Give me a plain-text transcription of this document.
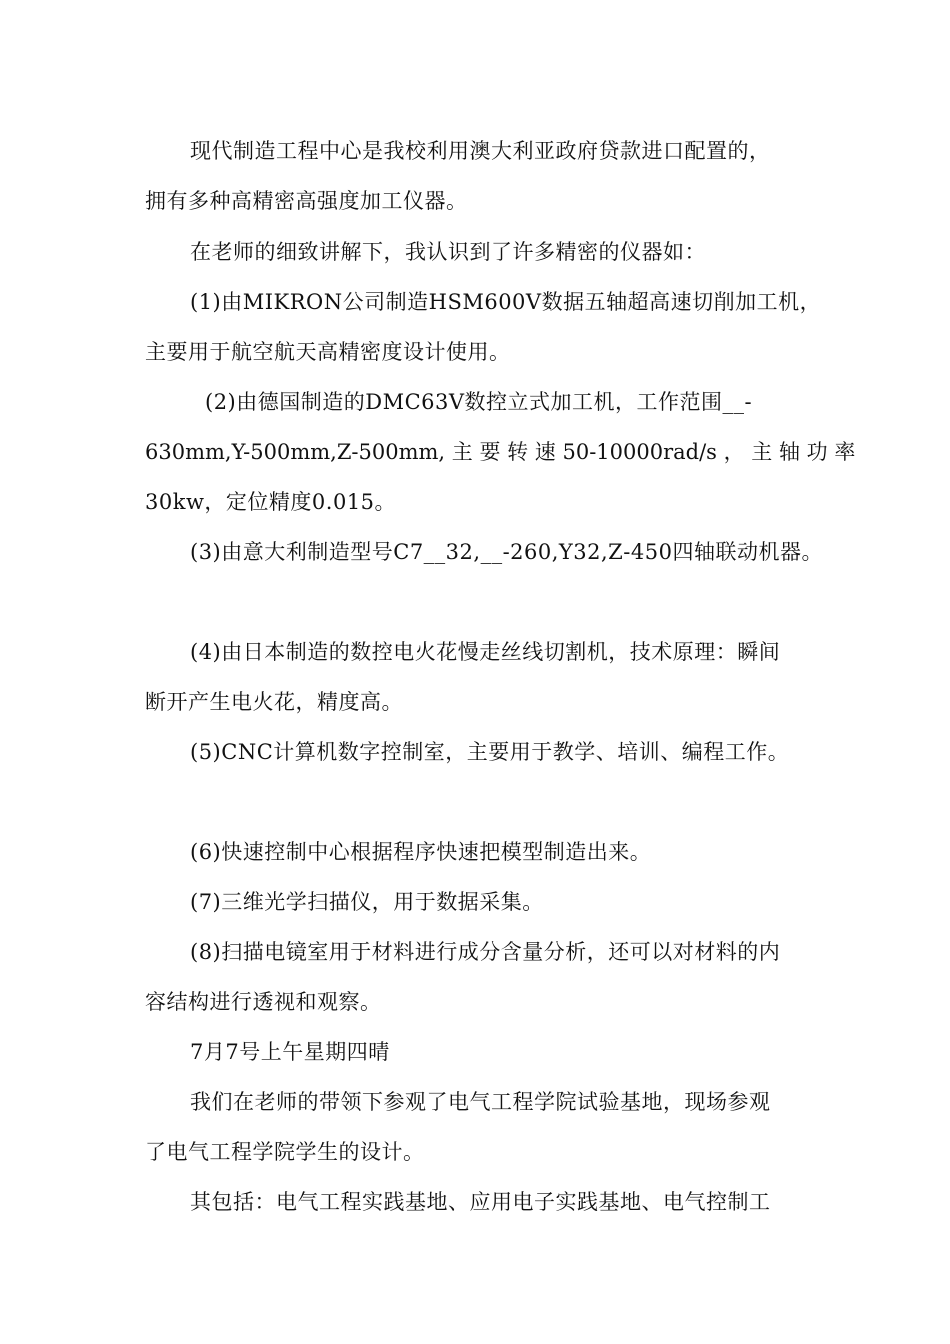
现代制造工程中心是我校利用澳大利亚政府贷款进口配置的，
拥有多种高精密高强度加工仪器。
在老师的细致讲解下，我认识到了许多精密的仪器如：
(1)由MIKRON公司制造HSM600V数据五轴超高速切削加工机，
主要用于航空航天高精密度设计使用。
(2)由德国制造的DMC63V数控立式加工机，工作范围__-
630mm,Y-500mm,Z-500mm, 主 要 转 速 50-10000rad/s ， 主 轴 功 率
30kw，定位精度0.015。
(3)由意大利制造型号C7__32,__-260,Y32,Z-450四轴联动机器。
(4)由日本制造的数控电火花慢走丝线切割机，技术原理：瞬间
断开产生电火花，精度高。
(5)CNC计算机数字控制室，主要用于教学、培训、编程工作。
(6)快速控制中心根据程序快速把模型制造出来。
(7)三维光学扫描仪，用于数据采集。
(8)扫描电镜室用于材料进行成分含量分析，还可以对材料的内
容结构进行透视和观察。
7月7号上午星期四晴
我们在老师的带领下参观了电气工程学院试验基地，现场参观
了电气工程学院学生的设计。
其包括：电气工程实践基地、应用电子实践基地、电气控制工
